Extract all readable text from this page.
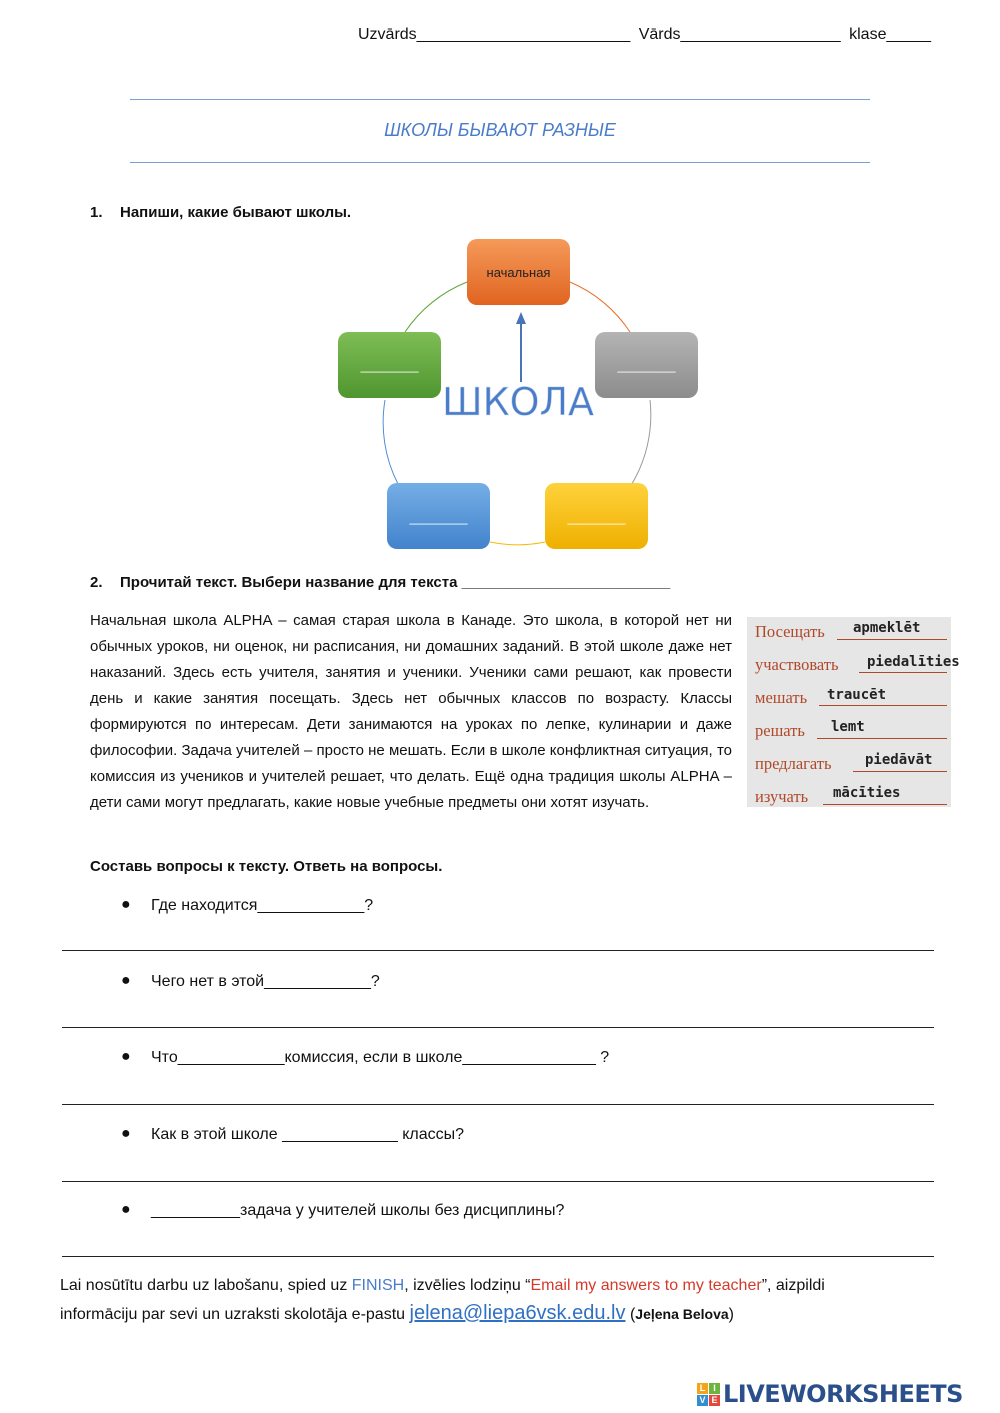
Uzvārds________________________ Vārds__________________ klase_____
ШКОЛЫ БЫВАЮТ РАЗНЫЕ
1. Напиши, какие бывают школы.
начальная
________
________
________
________
ШКОЛА
2. Прочитай текст. Выбери название для текста _________________________
Начальная школа ALPHA – самая старая школа в Канаде. Это школа, в которой нет ни обычных уроков, ни оценок, ни расписания, ни домашних заданий. В этой школе даже нет наказаний. Здесь есть учителя, занятия и ученики. Ученики сами решают, как провести день и какие занятия посещать. Здесь нет обычных классов по возрасту. Классы формируются по интересам. Дети занимаются на уроках по лепке, кулинарии и даже философии. Задача учителей – просто не мешать. Если в школе конфликтная ситуация, то комиссия из учеников и учителей решает, что делать. Ещё одна традиция школы ALPHA – дети сами могут предлагать, какие новые учебные предметы они хотят изучать.
Посещать apmeklēt
участвовать piedalīties
мешать traucēt
решать lemt
предлагать piedāvāt
изучать mācīties
Составь вопросы к тексту. Ответь на вопросы.
● Где находится____________?
● Чего нет в этой____________?
● Что____________комиссия, если в школе_______________ ?
● Как в этой школе _____________ классы?
● __________задача у учителей школы без дисциплины?
Lai nosūtītu darbu uz labošanu, spied uz FINISH, izvēlies lodziņu “Email my answers to my teacher”, aizpildi
informāciju par sevi un uzraksti skolotāja e-pastu jelena@liepa6vsk.edu.lv (Jeļena Belova)
L I
V E LIVEWORKSHEETS
